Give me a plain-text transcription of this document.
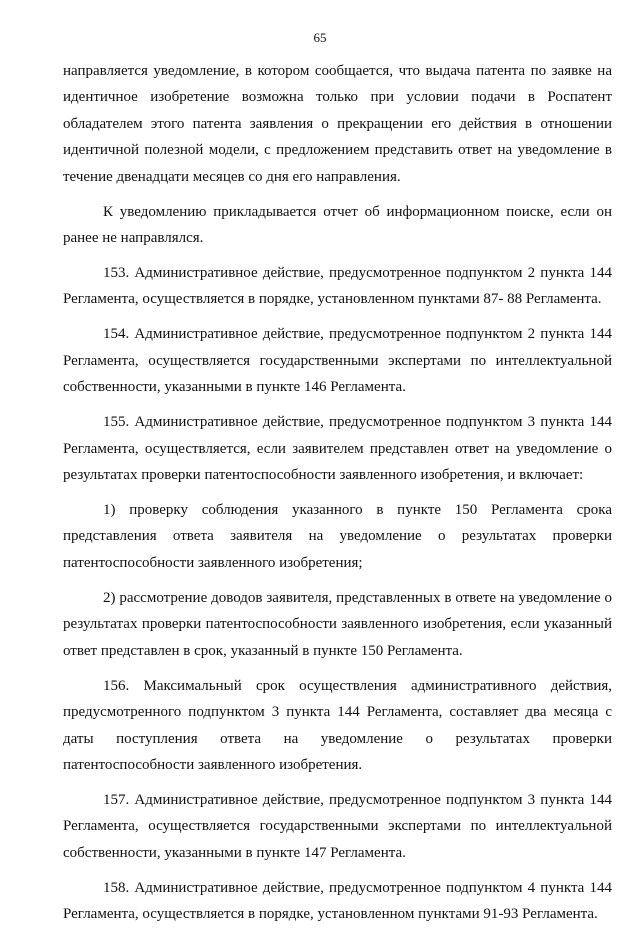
65

направляется уведомление, в котором сообщается, что выдача патента по заявке на идентичное изобретение возможна только при условии подачи в Роспатент обладателем этого патента заявления о прекращении его действия в отношении идентичной полезной модели, с предложением представить ответ на уведомление в течение двенадцати месяцев со дня его направления.

К уведомлению прикладывается отчет об информационном поиске, если он ранее не направлялся.

153. Административное действие, предусмотренное подпунктом 2 пункта 144 Регламента, осуществляется в порядке, установленном пунктами 87- 88 Регламента.

154. Административное действие, предусмотренное подпунктом 2 пункта 144 Регламента, осуществляется государственными экспертами по интеллектуальной собственности, указанными в пункте 146 Регламента.

155. Административное действие, предусмотренное подпунктом 3 пункта 144 Регламента, осуществляется, если заявителем представлен ответ на уведомление о результатах проверки патентоспособности заявленного изобретения, и включает:

1) проверку соблюдения указанного в пункте 150 Регламента срока представления ответа заявителя на уведомление о результатах проверки патентоспособности заявленного изобретения;

2) рассмотрение доводов заявителя, представленных в ответе на уведомление о результатах проверки патентоспособности заявленного изобретения, если указанный ответ представлен в срок, указанный в пункте 150 Регламента.

156. Максимальный срок осуществления административного действия, предусмотренного подпунктом 3 пункта 144 Регламента, составляет два месяца с даты поступления ответа на уведомление о результатах проверки патентоспособности заявленного изобретения.

157. Административное действие, предусмотренное подпунктом 3 пункта 144 Регламента, осуществляется государственными экспертами по интеллектуальной собственности, указанными в пункте 147 Регламента.

158. Административное действие, предусмотренное подпунктом 4 пункта 144 Регламента, осуществляется в порядке, установленном пунктами 91-93 Регламента.
